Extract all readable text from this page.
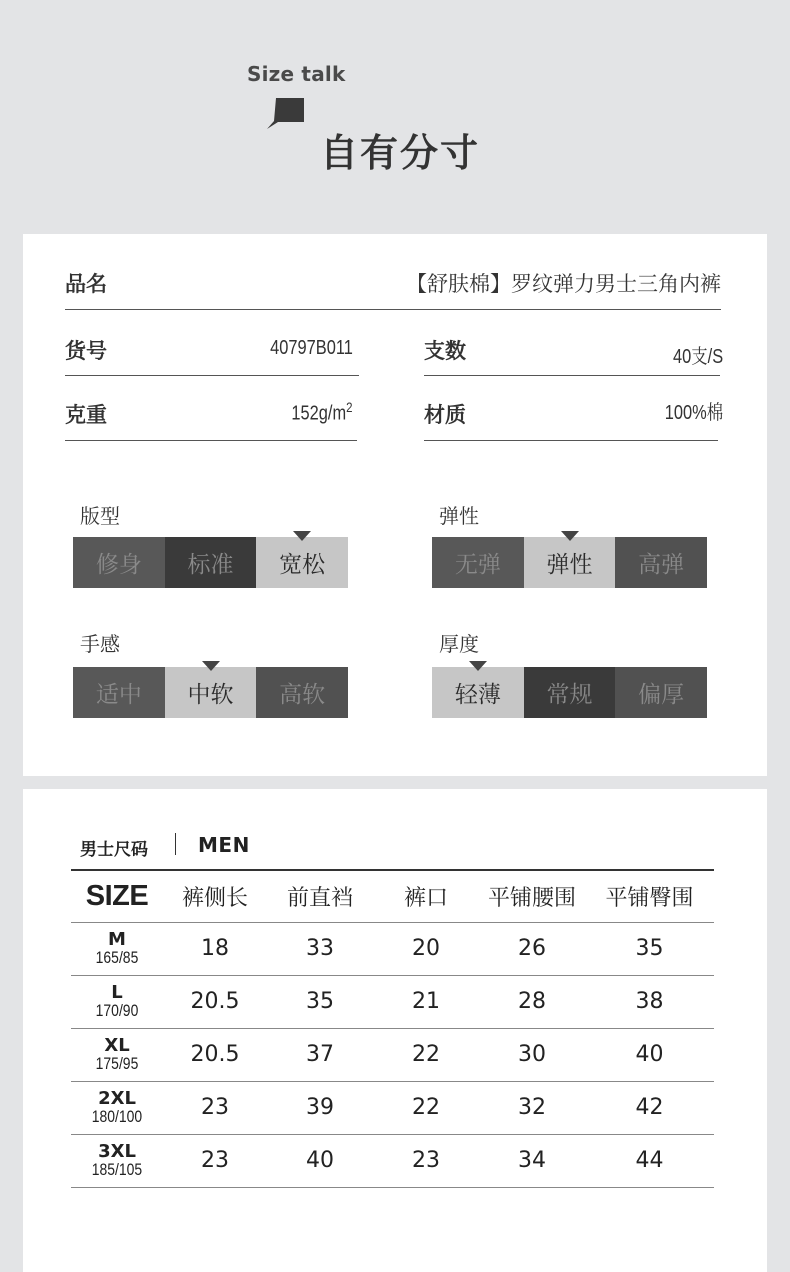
Size talk
自有分寸
品名	【舒肤棉】罗纹弹力男士三角内裤
货号	40797B011	支数	40支/S
克重	$152g/m^2$	材质	100%棉
版型
修身 标准 宽松
弹性
无弹 弹性 高弹
手感
适中 中软 高软
厚度
轻薄 常规 偏厚
男士尺码	MEN
SIZE	裤侧长	前直裆	裤口	平铺腰围	平铺臀围

M
165/85	18	33	20	26	35

L
170/90	20.5	35	21	28	38

XL
175/95	20.5	37	22	30	40

2XL
180/100	23	39	22	32	42

3XL
185/105	23	40	23	34	44
